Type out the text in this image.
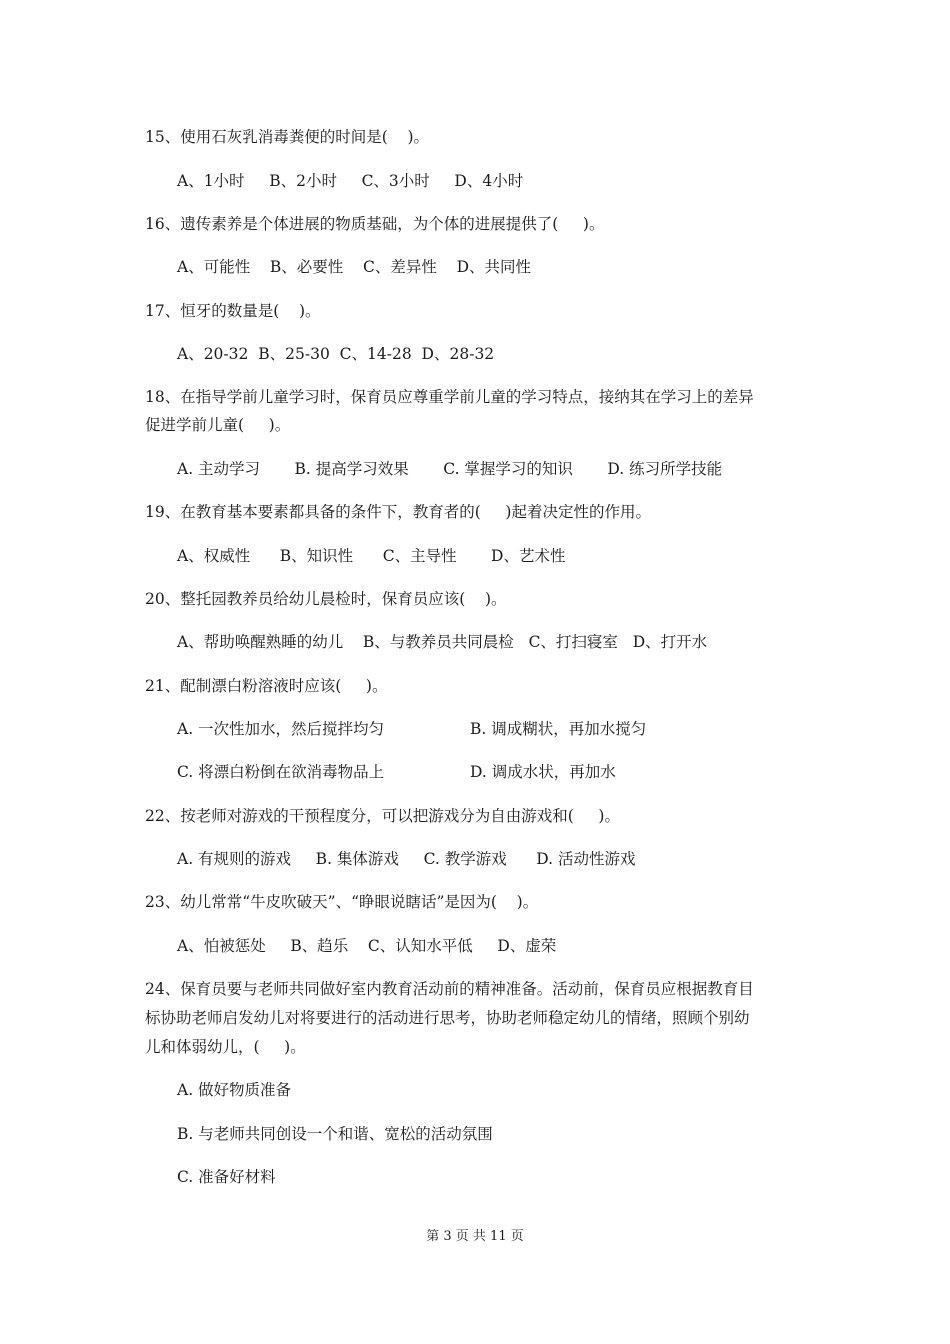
15、使用石灰乳消毒粪便的时间是(    )。
A、1小时     B、2小时     C、3小时     D、4小时
16、遗传素养是个体进展的物质基础，为个体的进展提供了(     )。
A、可能性    B、必要性    C、差异性    D、共同性
17、恒牙的数量是(    )。
A、20-32  B、25-30  C、14-28  D、28-32
18、在指导学前儿童学习时，保育员应尊重学前儿童的学习特点，接纳其在学习上的差异
促进学前儿童(     )。
A. 主动学习       B. 提高学习效果       C. 掌握学习的知识       D. 练习所学技能
19、在教育基本要素都具备的条件下，教育者的(     )起着决定性的作用。
A、权威性      B、知识性      C、主导性       D、艺术性
20、整托园教养员给幼儿晨检时，保育员应该(    )。
A、帮助唤醒熟睡的幼儿    B、与教养员共同晨检   C、打扫寝室   D、打开水
21、配制漂白粉溶液时应该(     )。
A. 一次性加水，然后搅拌均匀	B. 调成糊状，再加水搅匀
C. 将漂白粉倒在欲消毒物品上	D. 调成水状，再加水
22、按老师对游戏的干预程度分，可以把游戏分为自由游戏和(     )。
A. 有规则的游戏     B. 集体游戏     C. 教学游戏      D. 活动性游戏
23、幼儿常常“牛皮吹破天”、“睁眼说瞎话”是因为(    )。
A、怕被惩处     B、趋乐    C、认知水平低     D、虚荣
24、保育员要与老师共同做好室内教育活动前的精神准备。活动前，保育员应根据教育目
标协助老师启发幼儿对将要进行的活动进行思考，协助老师稳定幼儿的情绪，照顾个别幼
儿和体弱幼儿，(     )。
A. 做好物质准备
B. 与老师共同创设一个和谐、宽松的活动氛围
C. 准备好材料
第 3 页 共 11 页
